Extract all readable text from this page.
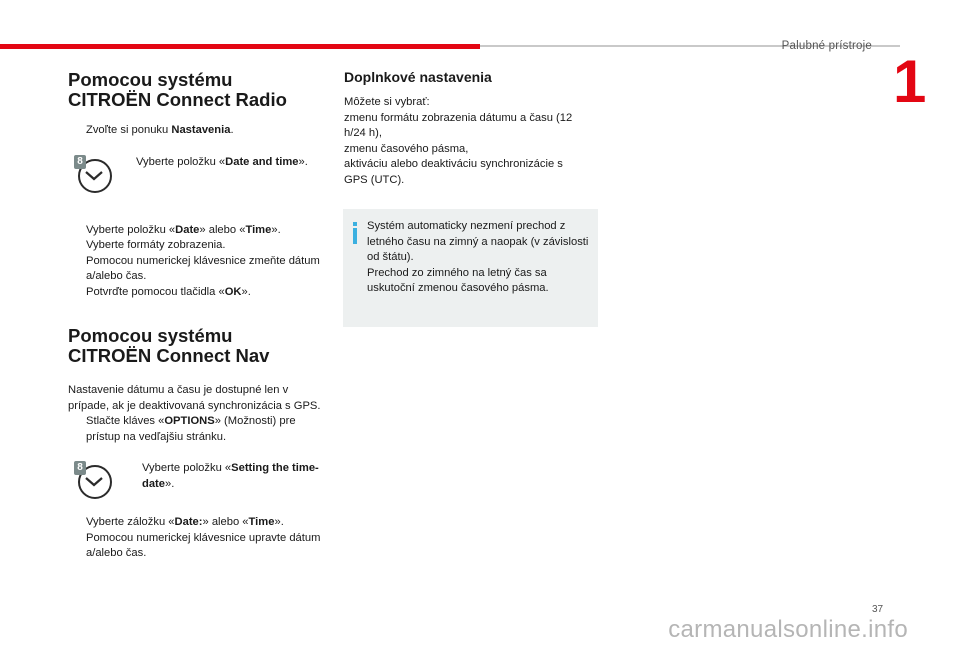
Palubné prístroje
1
Pomocou systému
CITROËN Connect Radio

Zvoľte si ponuku Nastavenia.

8	Vyberte položku «Date and time».

Vyberte položku «Date» alebo «Time».

Vyberte formáty zobrazenia.

Pomocou numerickej klávesnice zmeňte dátum a/alebo čas.

Potvrďte pomocou tlačidla «OK».

Pomocou systému
CITROËN Connect Nav

Nastavenie dátumu a času je dostupné len v prípade, ak je deaktivovaná synchronizácia s GPS.

Stlačte kláves «OPTIONS» (Možnosti) pre prístup na vedľajšiu stránku.

8	Vyberte položku «Setting the time-date».

Vyberte záložku «Date:» alebo «Time».

Pomocou numerickej klávesnice upravte dátum a/alebo čas.

Doplnkové nastavenia
Môžete si vybrať:
zmenu formátu zobrazenia dátumu a času (12 h/24 h),
zmenu časového pásma,
aktiváciu alebo deaktiváciu synchronizácie s GPS (UTC).
Systém automaticky nezmení prechod z letného času na zimný a naopak (v závislosti od štátu).
Prechod zo zimného na letný čas sa uskutoční zmenou časového pásma.
37
carmanualsonline.info
